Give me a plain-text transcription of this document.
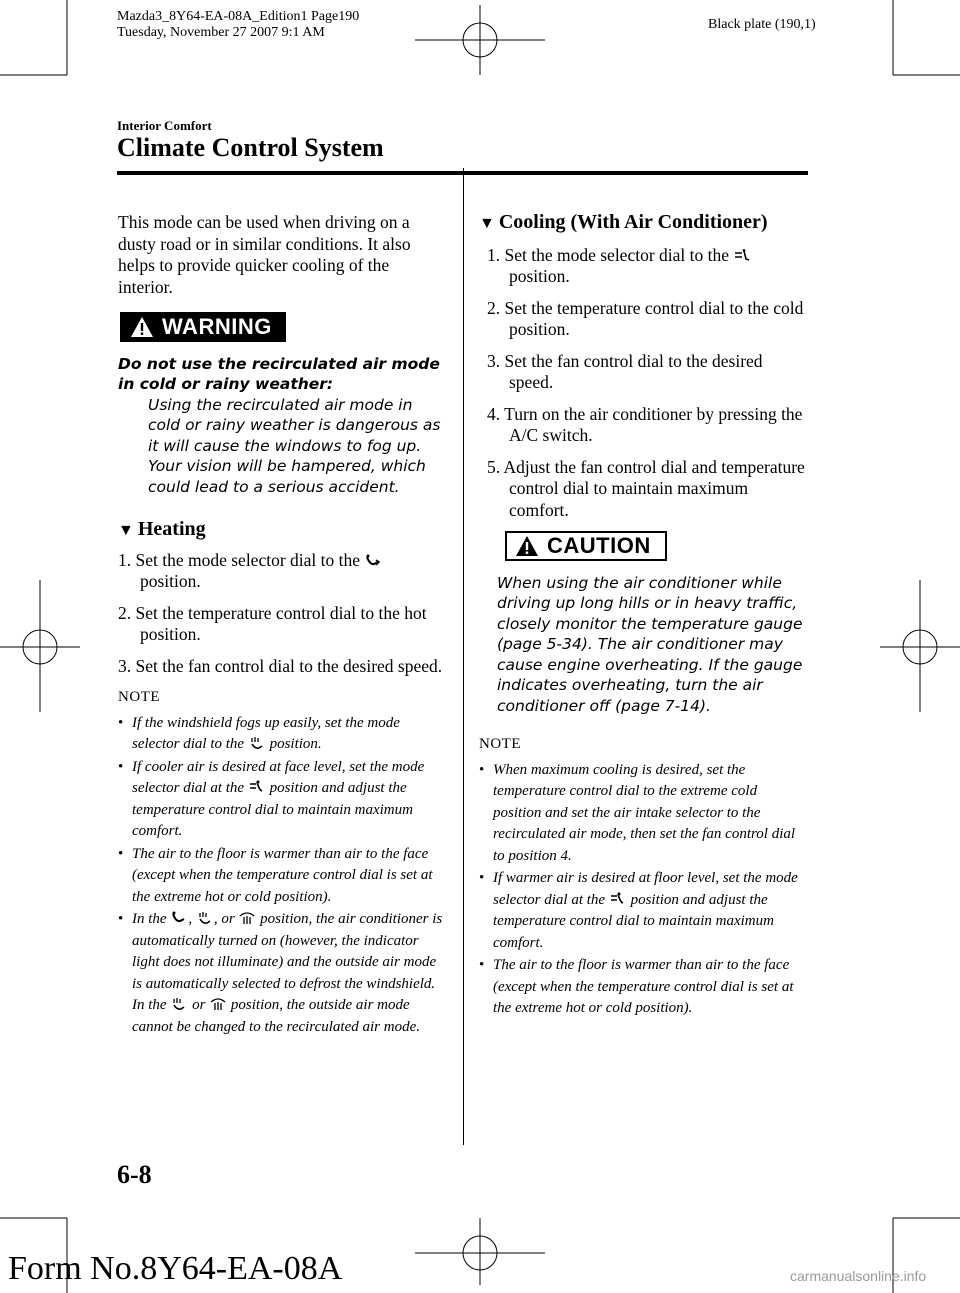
Mazda3_8Y64-EA-08A_Edition1 Page190
Tuesday, November 27 2007 9:1 AM
Black plate (190,1)
Interior Comfort
Climate Control System

This mode can be used when driving on a dusty road or in similar conditions. It also helps to provide quicker cooling of the interior.

WARNING
Do not use the recirculated air mode in cold or rainy weather:
Using the recirculated air mode in cold or rainy weather is dangerous as it will cause the windows to fog up. Your vision will be hampered, which could lead to a serious accident.
▼ Heating
1. Set the mode selector dial to the
position.
2. Set the temperature control dial to the hot position.
3. Set the fan control dial to the desired speed.
NOTE
• If the windshield fogs up easily, set the mode selector dial to the position.
• If cooler air is desired at face level, set the mode selector dial at the position and adjust the temperature control dial to maintain maximum comfort.
• The air to the floor is warmer than air to the face (except when the temperature control dial is set at the extreme hot or cold position).
• In the , , or position, the air conditioner is automatically turned on (however, the indicator light does not illuminate) and the outside air mode is automatically selected to defrost the windshield.
In the or position, the outside air mode cannot be changed to the recirculated air mode.
▼ Cooling (With Air Conditioner)
1. Set the mode selector dial to the
position.
2. Set the temperature control dial to the cold position.
3. Set the fan control dial to the desired speed.
4. Turn on the air conditioner by pressing the A/C switch.
5. Adjust the fan control dial and temperature control dial to maintain maximum comfort.
CAUTION
When using the air conditioner while driving up long hills or in heavy traffic, closely monitor the temperature gauge (page 5-34). The air conditioner may cause engine overheating. If the gauge indicates overheating, turn the air conditioner off (page 7-14).
NOTE
• When maximum cooling is desired, set the temperature control dial to the extreme cold position and set the air intake selector to the recirculated air mode, then set the fan control dial to position 4.
• If warmer air is desired at floor level, set the mode selector dial at the position and adjust the temperature control dial to maintain maximum comfort.
• The air to the floor is warmer than air to the face (except when the temperature control dial is set at the extreme hot or cold position).
6-8
Form No.8Y64-EA-08A	carmanualsonline.info
